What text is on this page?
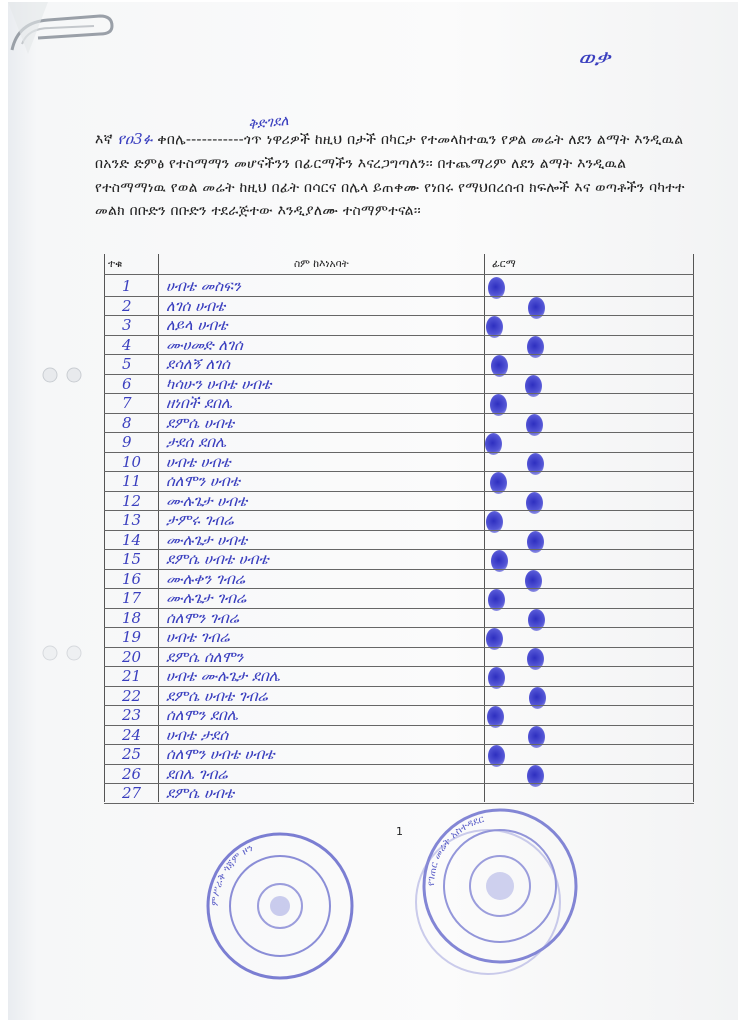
ወቃ
ቅድገደለ
እኛ የዐ3ፉ ቀበሌ-----------ጎጥ ነዋሪዎች ከዚህ በታች በካርታ የተመላከተዉን የዎል መሬት ለደን ልማት እንዲዉል በአንድ ድምፅ የተስማማን መሆናችንን በፊርማችን እናረጋግጣለን፡፡ በተጨማሪም ለደን ልማት እንዲዉል የተስማማነዉ የወል መሬት ከዚህ በፊት በሳርና በሌላ ይጠቀሙ የነበሩ የማህበረሰብ ክፍሎች እና ወጣቶችን ባካተተ መልክ በቡድን በቡድን ተደራጅተው እንዲያለሙ ተስማምተናል፡፡
ተቁ	ስም ከእነአባት	ፊርማ
1	ሀብቴ መስፍን
2	ለገሰ ሀብቴ
3	ለይላ ሀብቴ
4	ሙሀመድ ለገሰ
5	ደሳለኝ ለገሰ
6	ካሳሁን ሀብቴ ሀብቴ
7	ዘነበች ደበሌ
8	ደምሴ ሀብቴ
9	ታደሰ ደበሌ
10	ሀብቴ ሀብቴ
11	ሰለሞን ሀብቴ
12	ሙሉጌታ ሀብቴ
13	ታምሩ ገብሬ
14	ሙሉጌታ ሀብቴ
15	ደምሴ ሀብቴ ሀብቴ
16	ሙሉቀን ገብሬ
17	ሙሉጌታ ገብሬ
18	ሰለሞን ገብሬ
19	ሀብቴ ገብሬ
20	ደምሴ ሰለሞን
21	ሀብቴ ሙሉጌታ ደበሌ
22	ደምሴ ሀብቴ ገብሬ
23	ሰለሞን ደበሌ
24	ሀብቴ ታደሰ
25	ሰለሞን ሀብቴ ሀብቴ
26	ደበሌ ገብሬ
27	ደምሴ ሀብቴ
1
ምሥራቅ ጎጃም ዞን
የገጠር መሬት አስተዳደር
